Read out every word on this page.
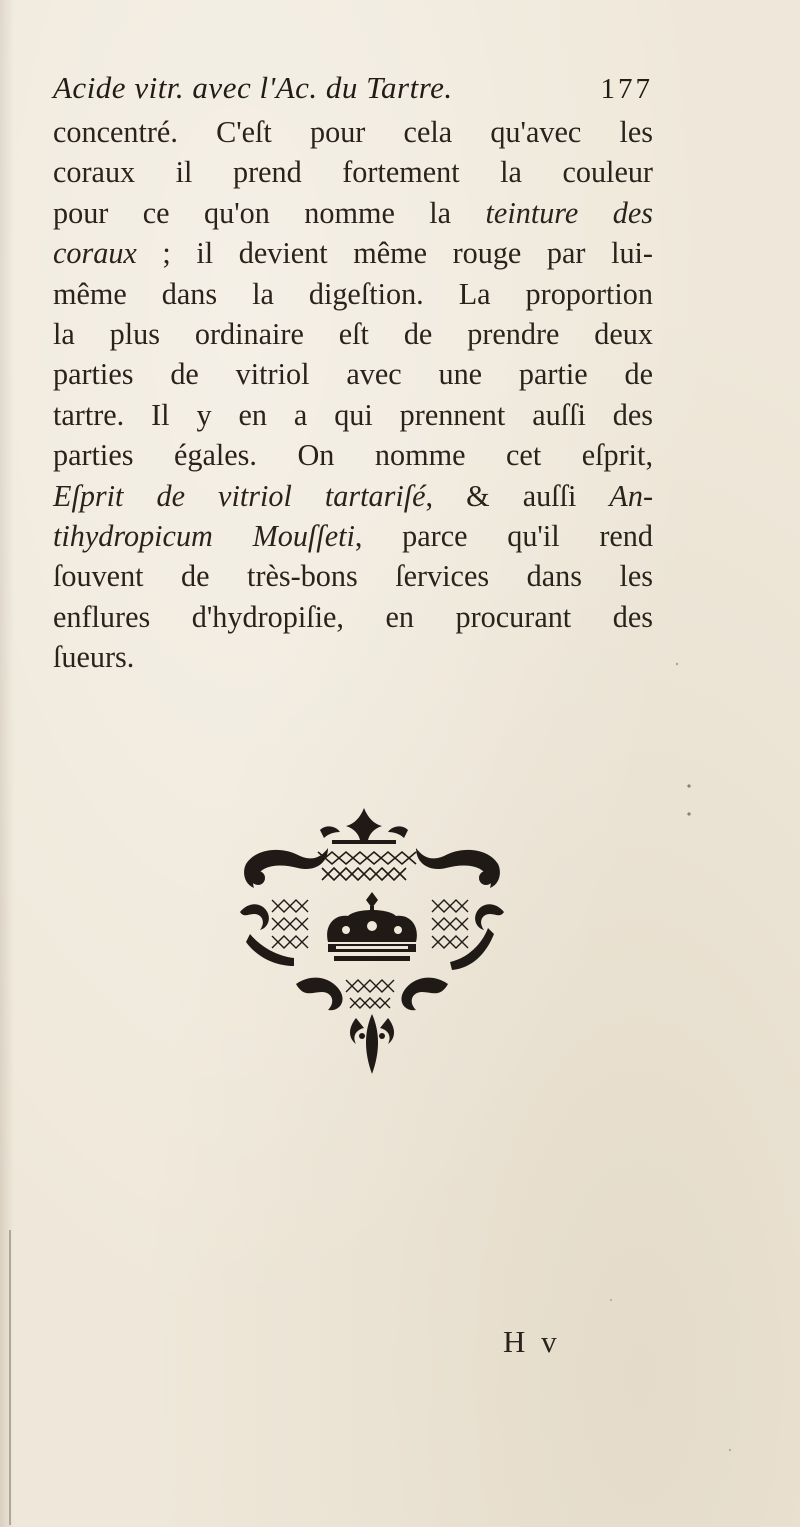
Acide vitr. avec l'Ac. du Tartre.	177

concentré. C'eſt pour cela qu'avec les
coraux il prend fortement la couleur
pour ce qu'on nomme la teinture des
coraux ; il devient même rouge par lui-
même dans la digeſtion. La proportion
la plus ordinaire eſt de prendre deux
parties de vitriol avec une partie de
tartre. Il y en a qui prennent auſſi des
parties égales. On nomme cet eſprit,
Eſprit de vitriol tartariſé, & auſſi An-
tihydropicum Mouſſeti, parce qu'il rend
ſouvent de très-bons ſervices dans les
enflures d'hydropiſie, en procurant des
ſueurs.

H v
